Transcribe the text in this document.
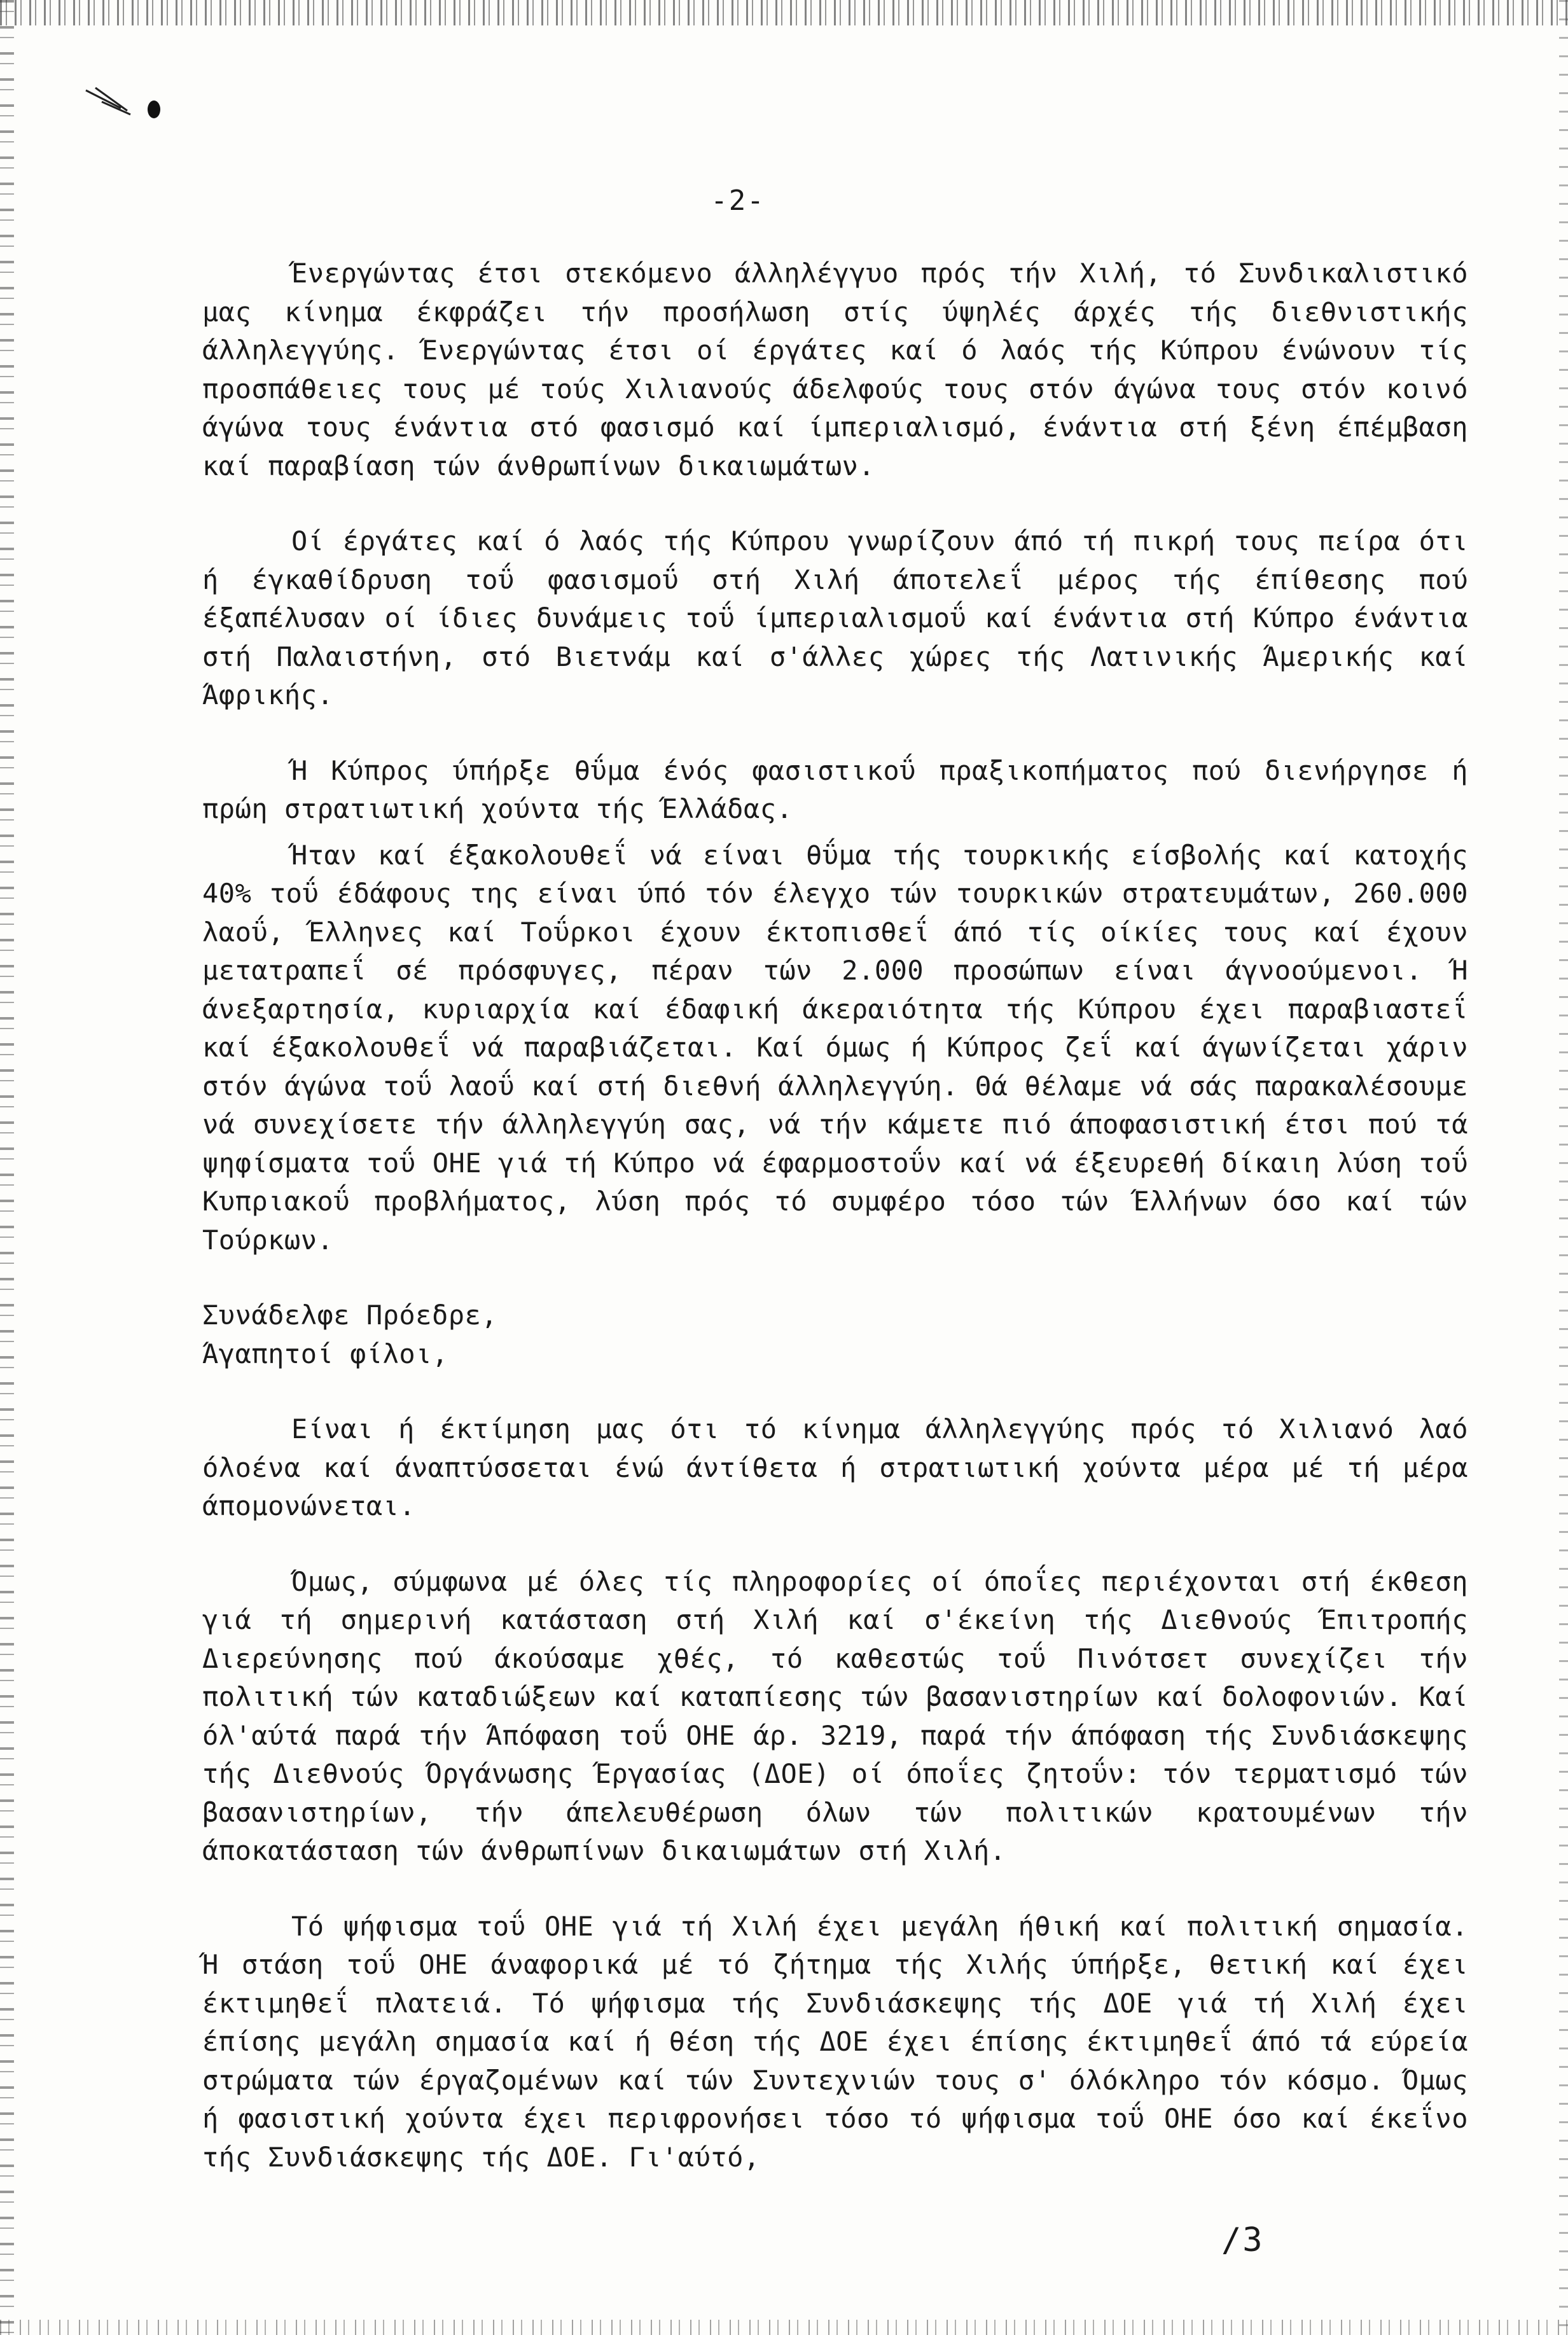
-2-

Ένεργώντας έτσι στεκόμενο άλληλέγγυο πρός τήν Χιλή, τό Συνδικαλιστικό μας κίνημα έκφράζει τήν προσήλωση στίς ύψηλές άρχές τής διεθνιστικής άλληλεγγύης. Ένεργώντας έτσι οί έργάτες καί ό λαός τής Κύπρου ένώνουν τίς προσπάθειες τους μέ τούς Χιλιανούς άδελφούς τους στόν άγώνα τους στόν κοινό άγώνα τους ένάντια στό φασισμό καί ίμπεριαλισμό, ένάντια στή ξένη έπέμβαση καί παραβίαση τών άνθρωπίνων δικαιωμάτων.

Οί έργάτες καί ό λαός τής Κύπρου γνωρίζουν άπό τή πικρή τους πείρα ότι ή έγκαθίδρυση τοΰ φασισμοΰ στή Χιλή άποτελεΐ μέρος τής έπίθεσης πού έξαπέλυσαν οί ίδιες δυνάμεις τοΰ ίμπεριαλισμοΰ καί ένάντια στή Κύπρο ένάντια στή Παλαιστήνη, στό Βιετνάμ καί σ'άλλες χώρες τής Λατινικής Άμερικής καί Άφρικής.

Ή Κύπρος ύπήρξε θΰμα ένός φασιστικοΰ πραξικοπήματος πού διενήργησε ή πρώη στρατιωτική χούντα τής Έλλάδας.

Ήταν καί έξακολουθεΐ νά είναι θΰμα τής τουρκικής είσβολής καί κατοχής 40% τοΰ έδάφους της είναι ύπό τόν έλεγχο τών τουρκικών στρατευμάτων, 260.000 λαοΰ, Έλληνες καί Τοΰρκοι έχουν έκτοπισθεΐ άπό τίς οίκίες τους καί έχουν μετατραπεΐ σέ πρόσφυγες, πέραν τών 2.000 προσώπων είναι άγνοούμενοι. Ή άνεξαρτησία, κυριαρχία καί έδαφική άκεραιότητα τής Κύπρου έχει παραβιαστεΐ καί έξακολουθεΐ νά παραβιάζεται. Καί όμως ή Κύπρος ζεΐ καί άγωνίζεται χάριν στόν άγώνα τοΰ λαοΰ καί στή διεθνή άλληλεγγύη. Θά θέλαμε νά σάς παρακαλέσουμε νά συνεχίσετε τήν άλληλεγγύη σας, νά τήν κάμετε πιό άποφασιστική έτσι πού τά ψηφίσματα τοΰ ΟΗΕ γιά τή Κύπρο νά έφαρμοστοΰν καί νά έξευρεθή δίκαιη λύση τοΰ Κυπριακοΰ προβλήματος, λύση πρός τό συμφέρο τόσο τών Έλλήνων όσο καί τών Τούρκων.

Συνάδελφε Πρόεδρε,

Άγαπητοί φίλοι,

Είναι ή έκτίμηση μας ότι τό κίνημα άλληλεγγύης πρός τό Χιλιανό λαό όλοένα καί άναπτύσσεται ένώ άντίθετα ή στρατιωτική χούντα μέρα μέ τή μέρα άπομονώνεται.

Όμως, σύμφωνα μέ όλες τίς πληροφορίες οί όποΐες περιέχονται στή έκθεση γιά τή σημερινή κατάσταση στή Χιλή καί σ'έκείνη τής Διεθνούς Έπιτροπής Διερεύνησης πού άκούσαμε χθές, τό καθεστώς τοΰ Πινότσετ συνεχίζει τήν πολιτική τών καταδιώξεων καί καταπίεσης τών βασανιστηρίων καί δολοφονιών. Καί όλ'αύτά παρά τήν Άπόφαση τοΰ ΟΗΕ άρ. 3219, παρά τήν άπόφαση τής Συνδιάσκεψης τής Διεθνούς Όργάνωσης Έργασίας (ΔΟΕ) οί όποΐες ζητοΰν: τόν τερματισμό τών βασανιστηρίων, τήν άπελευθέρωση όλων τών πολιτικών κρατουμένων τήν άποκατάσταση τών άνθρωπίνων δικαιωμάτων στή Χιλή.

Τό ψήφισμα τοΰ ΟΗΕ γιά τή Χιλή έχει μεγάλη ήθική καί πολιτική σημασία. Ή στάση τοΰ ΟΗΕ άναφορικά μέ τό ζήτημα τής Χιλής ύπήρξε, θετική καί έχει έκτιμηθεΐ πλατειά. Τό ψήφισμα τής Συνδιάσκεψης τής ΔΟΕ γιά τή Χιλή έχει έπίσης μεγάλη σημασία καί ή θέση τής ΔΟΕ έχει έπίσης έκτιμηθεΐ άπό τά εύρεία στρώματα τών έργαζομένων καί τών Συντεχνιών τους σ' όλόκληρο τόν κόσμο. Όμως ή φασιστική χούντα έχει περιφρονήσει τόσο τό ψήφισμα τοΰ ΟΗΕ όσο καί έκεΐνο τής Συνδιάσκεψης τής ΔΟΕ. Γι'αύτό,

/3
